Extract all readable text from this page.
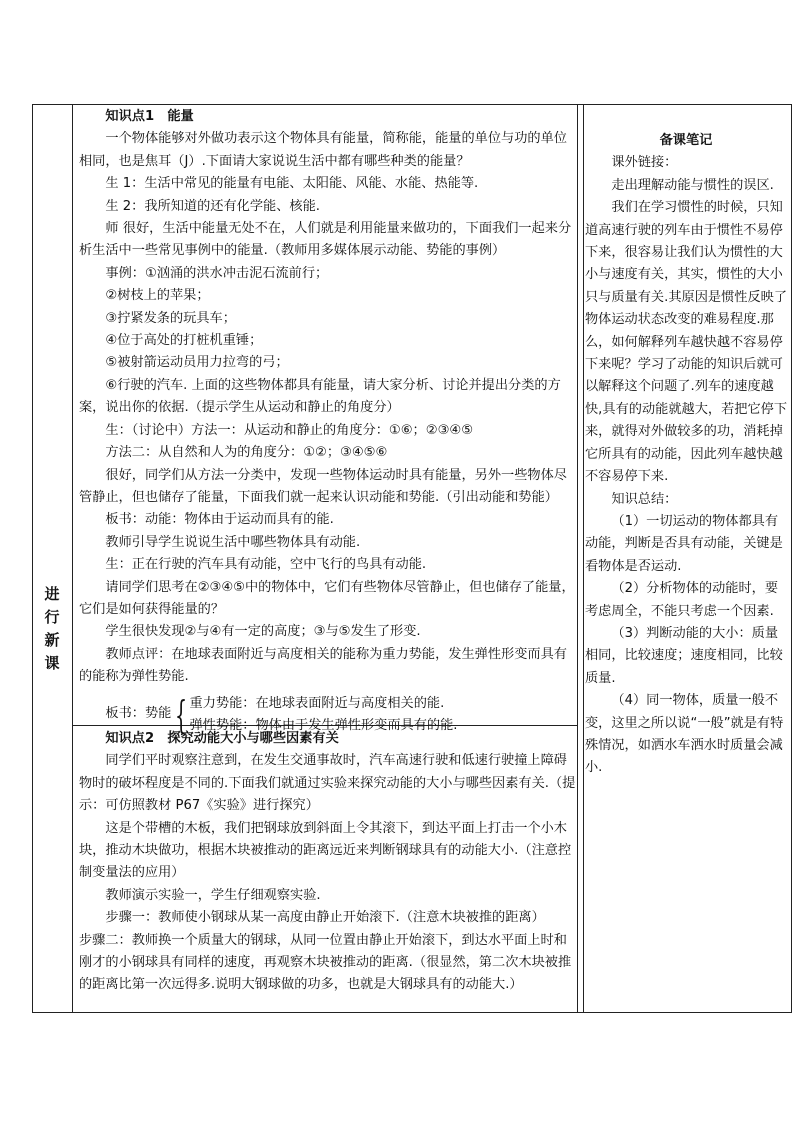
进
行
新
课

知识点1　能量

一个物体能够对外做功表示这个物体具有能量，简称能，能量的单位与功的单位相同，也是焦耳（J）.下面请大家说说生活中都有哪些种类的能量？

生 1：生活中常见的能量有电能、太阳能、风能、水能、热能等.

生 2：我所知道的还有化学能、核能.

师 很好，生活中能量无处不在，人们就是利用能量来做功的，下面我们一起来分析生活中一些常见事例中的能量.（教师用多媒体展示动能、势能的事例）

事例：①汹涌的洪水冲击泥石流前行；

②树枝上的苹果；

③拧紧发条的玩具车；

④位于高处的打桩机重锤；

⑤被射箭运动员用力拉弯的弓；

⑥行驶的汽车. 上面的这些物体都具有能量，请大家分析、讨论并提出分类的方案，说出你的依据.（提示学生从运动和静止的角度分）

生：（讨论中）方法一：从运动和静止的角度分：①⑥；②③④⑤

方法二：从自然和人为的角度分：①②；③④⑤⑥

很好，同学们从方法一分类中，发现一些物体运动时具有能量，另外一些物体尽管静止，但也储存了能量，下面我们就一起来认识动能和势能.（引出动能和势能）

板书：动能：物体由于运动而具有的能.

教师引导学生说说生活中哪些物体具有动能.

生：正在行驶的汽车具有动能，空中飞行的鸟具有动能.

请同学们思考在②③④⑤中的物体中，它们有些物体尽管静止，但也储存了能量，它们是如何获得能量的？

学生很快发现②与④有一定的高度；③与⑤发生了形变.

教师点评：在地球表面附近与高度相关的能称为重力势能，发生弹性形变而具有的能称为弹性势能.

板书：势能 { 重力势能：在地球表面附近与高度相关的能.

弹性势能：物体由于发生弹性形变而具有的能.

知识点2　探究动能大小与哪些因素有关

同学们平时观察注意到，在发生交通事故时，汽车高速行驶和低速行驶撞上障碍物时的破坏程度是不同的.下面我们就通过实验来探究动能的大小与哪些因素有关.（提示：可仿照教材 P67《实验》进行探究）

这是个带槽的木板，我们把钢球放到斜面上令其滚下，到达平面上打击一个小木块，推动木块做功，根据木块被推动的距离远近来判断钢球具有的动能大小.（注意控制变量法的应用）

教师演示实验一，学生仔细观察实验.

步骤一：教师使小钢球从某一高度由静止开始滚下.（注意木块被推的距离）

步骤二：教师换一个质量大的钢球，从同一位置由静止开始滚下，到达水平面上时和刚才的小钢球具有同样的速度，再观察木块被推动的距离.（很显然，第二次木块被推的距离比第一次远得多.说明大钢球做的功多，也就是大钢球具有的动能大.）

备课笔记

课外链接：

走出理解动能与惯性的误区.

我们在学习惯性的时候，只知道高速行驶的列车由于惯性不易停下来，很容易让我们认为惯性的大小与速度有关，其实，惯性的大小只与质量有关.其原因是惯性反映了物体运动状态改变的难易程度.那么，如何解释列车越快越不容易停下来呢？学习了动能的知识后就可以解释这个问题了.列车的速度越快,具有的动能就越大，若把它停下来，就得对外做较多的功，消耗掉它所具有的动能，因此列车越快越不容易停下来.

知识总结：

（1）一切运动的物体都具有动能，判断是否具有动能，关键是看物体是否运动.

（2）分析物体的动能时，要考虑周全，不能只考虑一个因素.

（3）判断动能的大小：质量相同，比较速度；速度相同，比较质量.

（4）同一物体，质量一般不变，这里之所以说“一般”就是有特殊情况，如洒水车洒水时质量会减小.
